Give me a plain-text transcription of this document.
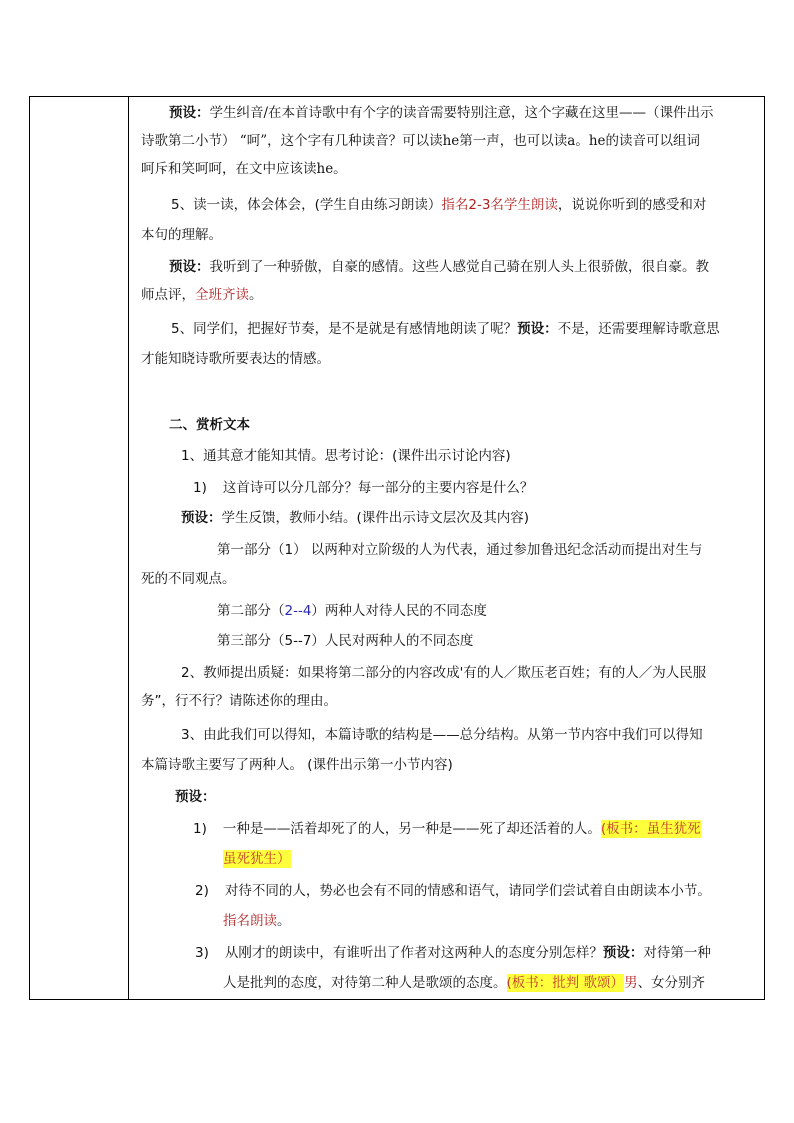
预设：学生纠音/在本首诗歌中有个字的读音需要特别注意，这个字藏在这里——（课件出示
诗歌第二小节） “呵”，这个字有几种读音？可以读he第一声，也可以读a。he的读音可以组词
呵斥和笑呵呵，在文中应该读he。
5、读一读，体会体会，(学生自由练习朗读）指名2-3名学生朗读，说说你听到的感受和对
本句的理解。
预设：我听到了一种骄傲，自豪的感情。这些人感觉自己骑在别人头上很骄傲，很自豪。教
师点评，全班齐读。
5、同学们，把握好节奏，是不是就是有感情地朗读了呢？预设：不是，还需要理解诗歌意思
才能知晓诗歌所要表达的情感。
二、赏析文本
1、通其意才能知其情。思考讨论：(课件出示讨论内容)
1) 这首诗可以分几部分？每一部分的主要内容是什么？
预设：学生反馈，教师小结。(课件出示诗文层次及其内容)
第一部分（1） 以两种对立阶级的人为代表，通过参加鲁迅纪念活动而提出对生与
死的不同观点。
第二部分（2--4）两种人对待人民的不同态度
第三部分（5--7）人民对两种人的不同态度
2、教师提出质疑：如果将第二部分的内容改成'有的人／欺压老百姓；有的人／为人民服
务”，行不行？请陈述你的理由。
3、由此我们可以得知，本篇诗歌的结构是——总分结构。从第一节内容中我们可以得知
本篇诗歌主要写了两种人。 (课件出示第一小节内容)
预设：
1) 一种是——活着却死了的人，另一种是——死了却还活着的人。(板书：虽生犹死
虽死犹生）
2) 对待不同的人，势必也会有不同的情感和语气，请同学们尝试着自由朗读本小节。
指名朗读。
3) 从刚才的朗读中，有谁听出了作者对这两种人的态度分别怎样？预设：对待第一种
人是批判的态度，对待第二种人是歌颂的态度。(板书：批判 歌颂）男、女分别齐
